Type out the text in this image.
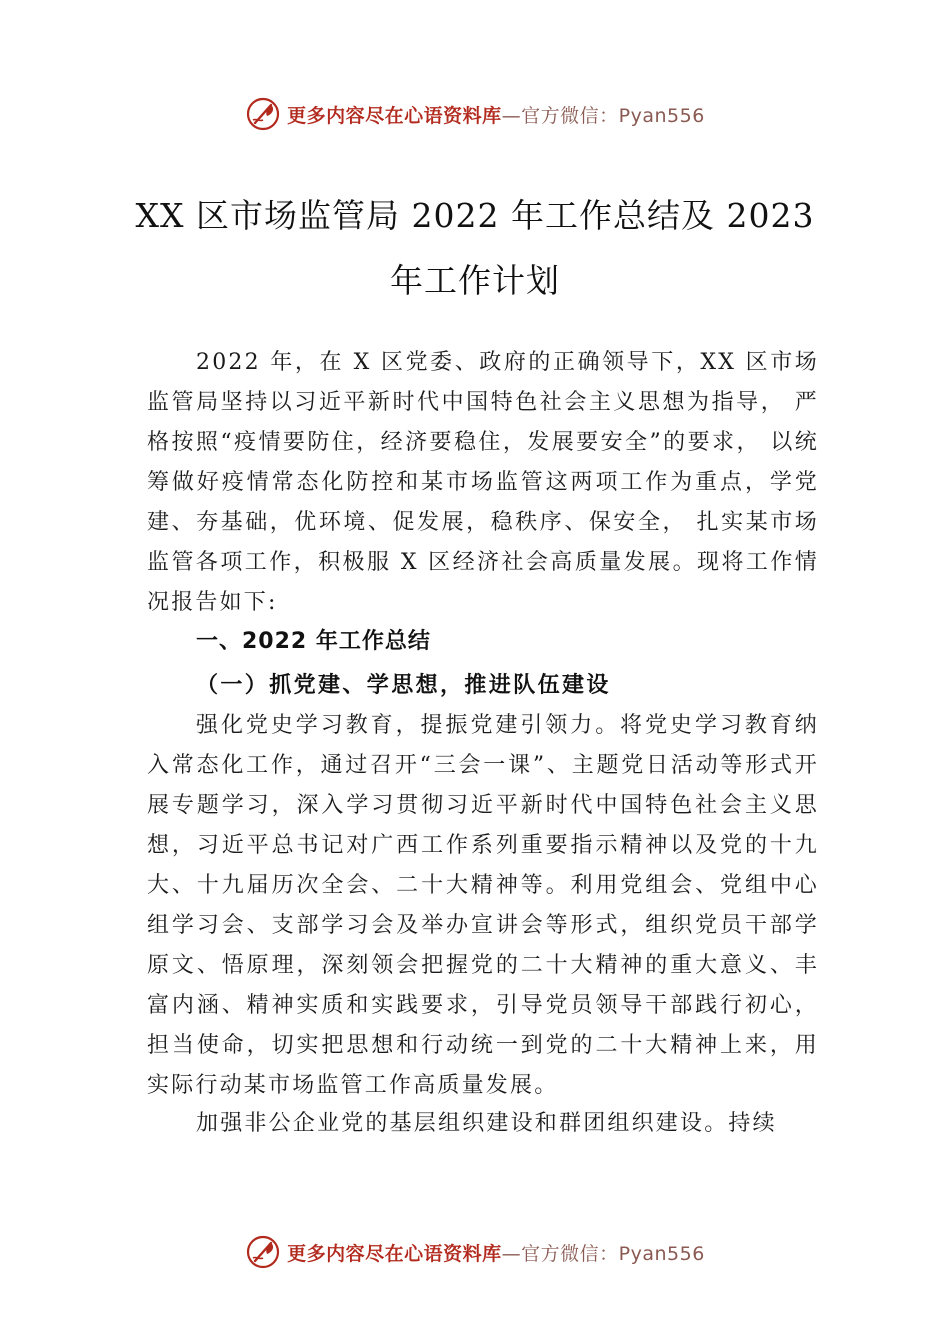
更多内容尽在心语资料库 —官方微信：Pyan556
XX 区市场监管局 2022 年工作总结及 2023
年工作计划
2022 年，在 X 区党委、政府的正确领导下，XX 区市场监管局坚持以习近平新时代中国特色社会主义思想为指导， 严格按照“疫情要防住，经济要稳住，发展要安全”的要求， 以统筹做好疫情常态化防控和某市场监管这两项工作为重点，学党建、夯基础，优环境、促发展，稳秩序、保安全， 扎实某市场监管各项工作，积极服 X 区经济社会高质量发展。现将工作情况报告如下:
一、2022 年工作总结
（一）抓党建、学思想，推进队伍建设
强化党史学习教育，提振党建引领力。将党史学习教育纳入常态化工作，通过召开“三会一课”、主题党日活动等形式开展专题学习，深入学习贯彻习近平新时代中国特色社会主义思想，习近平总书记对广西工作系列重要指示精神以及党的十九大、十九届历次全会、二十大精神等。利用党组会、党组中心组学习会、支部学习会及举办宣讲会等形式，组织党员干部学原文、悟原理，深刻领会把握党的二十大精神的重大意义、丰富内涵、精神实质和实践要求，引导党员领导干部践行初心，担当使命，切实把思想和行动统一到党的二十大精神上来，用实际行动某市场监管工作高质量发展。
加强非公企业党的基层组织建设和群团组织建设。持续
更多内容尽在心语资料库 —官方微信：Pyan556
